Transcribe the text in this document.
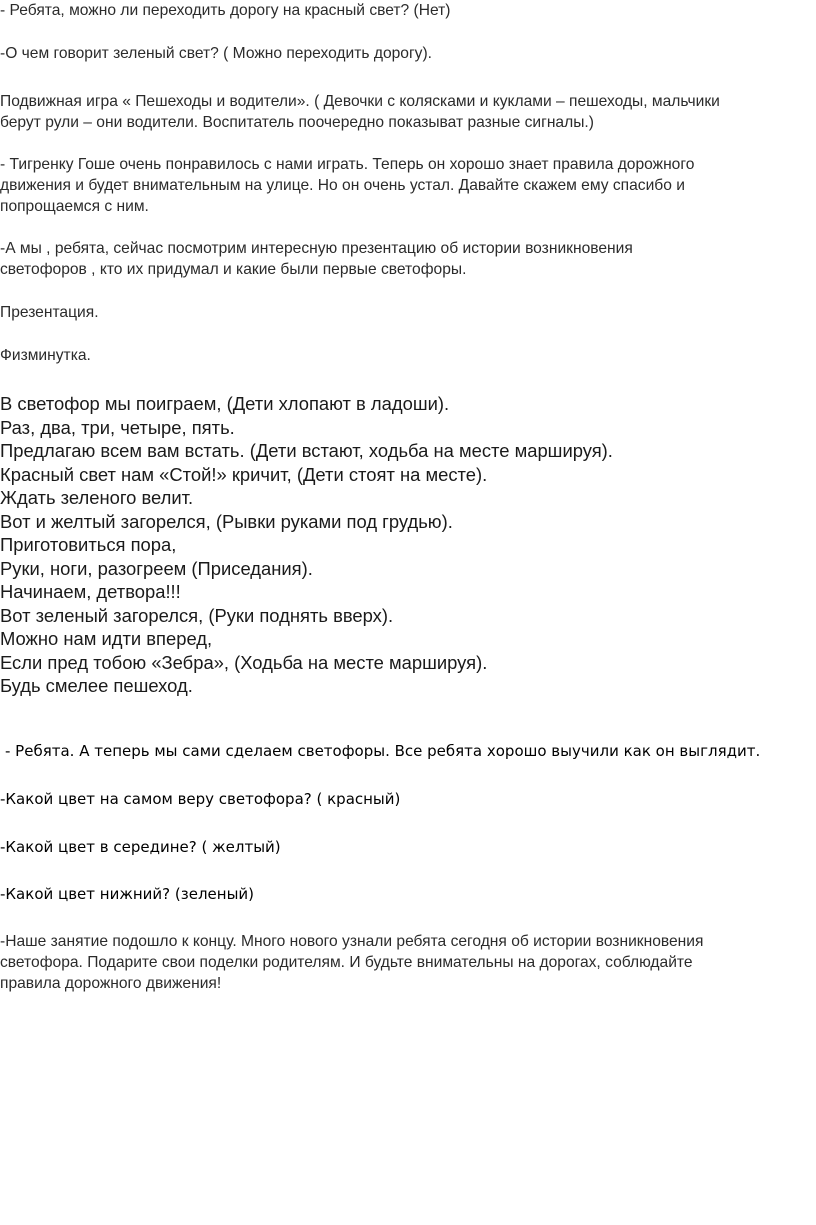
- Ребята, можно ли переходить дорогу на красный свет? (Нет)

-О чем говорит зеленый свет? ( Можно переходить дорогу).

Подвижная игра « Пешеходы и водители». ( Девочки с колясками и куклами – пешеходы, мальчики
берут рули – они водители. Воспитатель поочередно показыват разные сигналы.)
- Тигренку Гоше очень понравилось с нами играть. Теперь он хорошо знает правила дорожного
движения и будет внимательным на улице. Но он очень устал. Давайте скажем ему спасибо и
попрощаемся с ним.
-А мы , ребята, сейчас посмотрим интересную презентацию об истории возникновения
светофоров , кто их придумал и какие были первые светофоры.

Презентация.

Физминутка.

В светофор мы поиграем, (Дети хлопают в ладоши).
Раз, два, три, четыре, пять.
Предлагаю всем вам встать. (Дети встают, ходьба на месте маршируя).
Красный свет нам «Стой!» кричит, (Дети стоят на месте).
Ждать зеленого велит.
Вот и желтый загорелся, (Рывки руками под грудью).
Приготовиться пора,
Руки, ноги, разогреем (Приседания).
Начинаем, детвора!!!
Вот зеленый загорелся, (Руки поднять вверх).
Можно нам идти вперед,
Если пред тобою «Зебра», (Ходьба на месте маршируя).
Будь смелее пешеход.

- Ребята. А теперь мы сами сделаем светофоры. Все ребята хорошо выучили как он выглядит.

-Какой цвет на самом веру светофора? ( красный)

-Какой цвет в середине? ( желтый)

-Какой цвет нижний? (зеленый)

-Наше занятие подошло к концу. Много нового узнали ребята сегодня об истории возникновения
светофора. Подарите свои поделки родителям. И будьте внимательны на дорогах, соблюдайте
правила дорожного движения!
